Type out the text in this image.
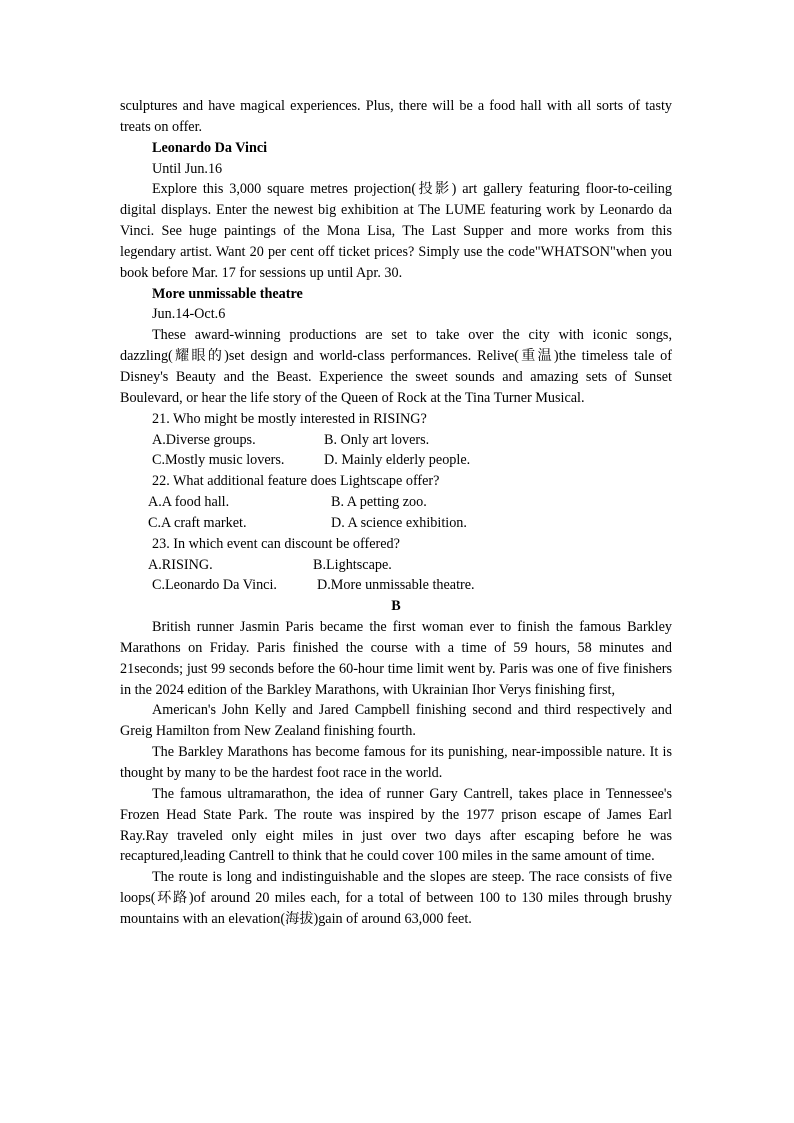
sculptures and have magical experiences. Plus, there will be a food hall with all sorts of tasty treats on offer.

Leonardo Da Vinci
Until Jun.16

Explore this 3,000 square metres projection(投影) art gallery featuring floor-to-ceiling digital displays. Enter the newest big exhibition at The LUME featuring work by Leonardo da Vinci. See huge paintings of the Mona Lisa, The Last Supper and more works from this legendary artist. Want 20 per cent off ticket prices? Simply use the code"WHATSON"when you book before Mar. 17 for sessions up until Apr. 30.

More unmissable theatre
Jun.14-Oct.6

These award-winning productions are set to take over the city with iconic songs, dazzling(耀眼的)set design and world-class performances. Relive(重温)the timeless tale of Disney's Beauty and the Beast. Experience the sweet sounds and amazing sets of Sunset Boulevard, or hear the life story of the Queen of Rock at the Tina Turner Musical.

21. Who might be mostly interested in RISING?
A.Diverse groups.	B. Only art lovers.
C.Mostly music lovers.	D. Mainly elderly people.
22. What additional feature does Lightscape offer?
A.A food hall.	B. A petting zoo.
C.A craft market.	D. A science exhibition.
23. In which event can discount be offered?
A.RISING.	B.Lightscape.
C.Leonardo Da Vinci.	D.More unmissable theatre.
B

British runner Jasmin Paris became the first woman ever to finish the famous Barkley Marathons on Friday. Paris finished the course with a time of 59 hours, 58 minutes and 21seconds; just 99 seconds before the 60-hour time limit went by. Paris was one of five finishers in the 2024 edition of the Barkley Marathons, with Ukrainian Ihor Verys finishing first,

American's John Kelly and Jared Campbell finishing second and third respectively and Greig Hamilton from New Zealand finishing fourth.

The Barkley Marathons has become famous for its punishing, near-impossible nature. It is thought by many to be the hardest foot race in the world.

The famous ultramarathon, the idea of runner Gary Cantrell, takes place in Tennessee's Frozen Head State Park. The route was inspired by the 1977 prison escape of James Earl Ray.Ray traveled only eight miles in just over two days after escaping before he was recaptured,leading Cantrell to think that he could cover 100 miles in the same amount of time.

The route is long and indistinguishable and the slopes are steep. The race consists of five loops(环路)of around 20 miles each, for a total of between 100 to 130 miles through brushy mountains with an elevation(海拔)gain of around 63,000 feet.
